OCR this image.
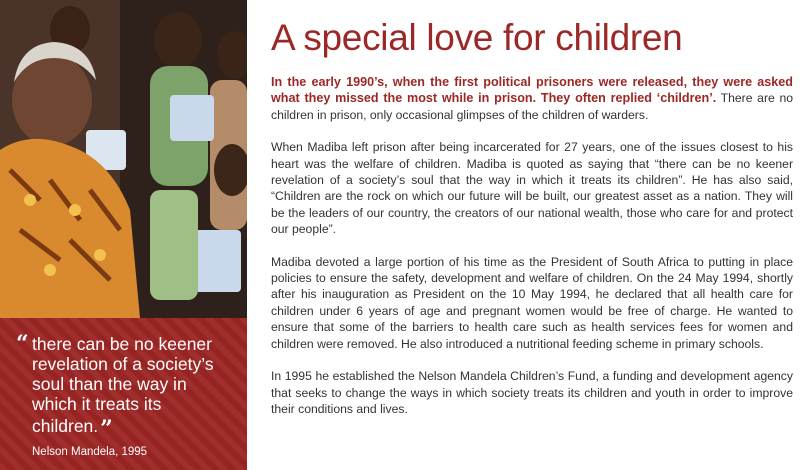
“ there can be no keener revelation of a society’s soul than the way in which it treats its children.”

Nelson Mandela, 1995
A special love for children

In the early 1990’s, when the first political prisoners were released, they were asked what they missed the most while in prison. They often replied ‘children’. There are no children in prison, only occasional glimpses of the children of warders.

When Madiba left prison after being incarcerated for 27 years, one of the issues closest to his heart was the welfare of children. Madiba is quoted as saying that “there can be no keener revelation of a society’s soul that the way in which it treats its children”. He has also said, “Children are the rock on which our future will be built, our greatest asset as a nation. They will be the leaders of our country, the creators of our national wealth, those who care for and protect our people”.

Madiba devoted a large portion of his time as the President of South Africa to putting in place policies to ensure the safety, development and welfare of children. On the 24 May 1994, shortly after his inauguration as President on the 10 May 1994, he declared that all health care for children under 6 years of age and pregnant women would be free of charge. He wanted to ensure that some of the barriers to health care such as health services fees for women and children were removed. He also introduced a nutritional feeding scheme in primary schools.

In 1995 he established the Nelson Mandela Children’s Fund, a funding and development agency that seeks to change the ways in which society treats its children and youth in order to improve their conditions and lives.
